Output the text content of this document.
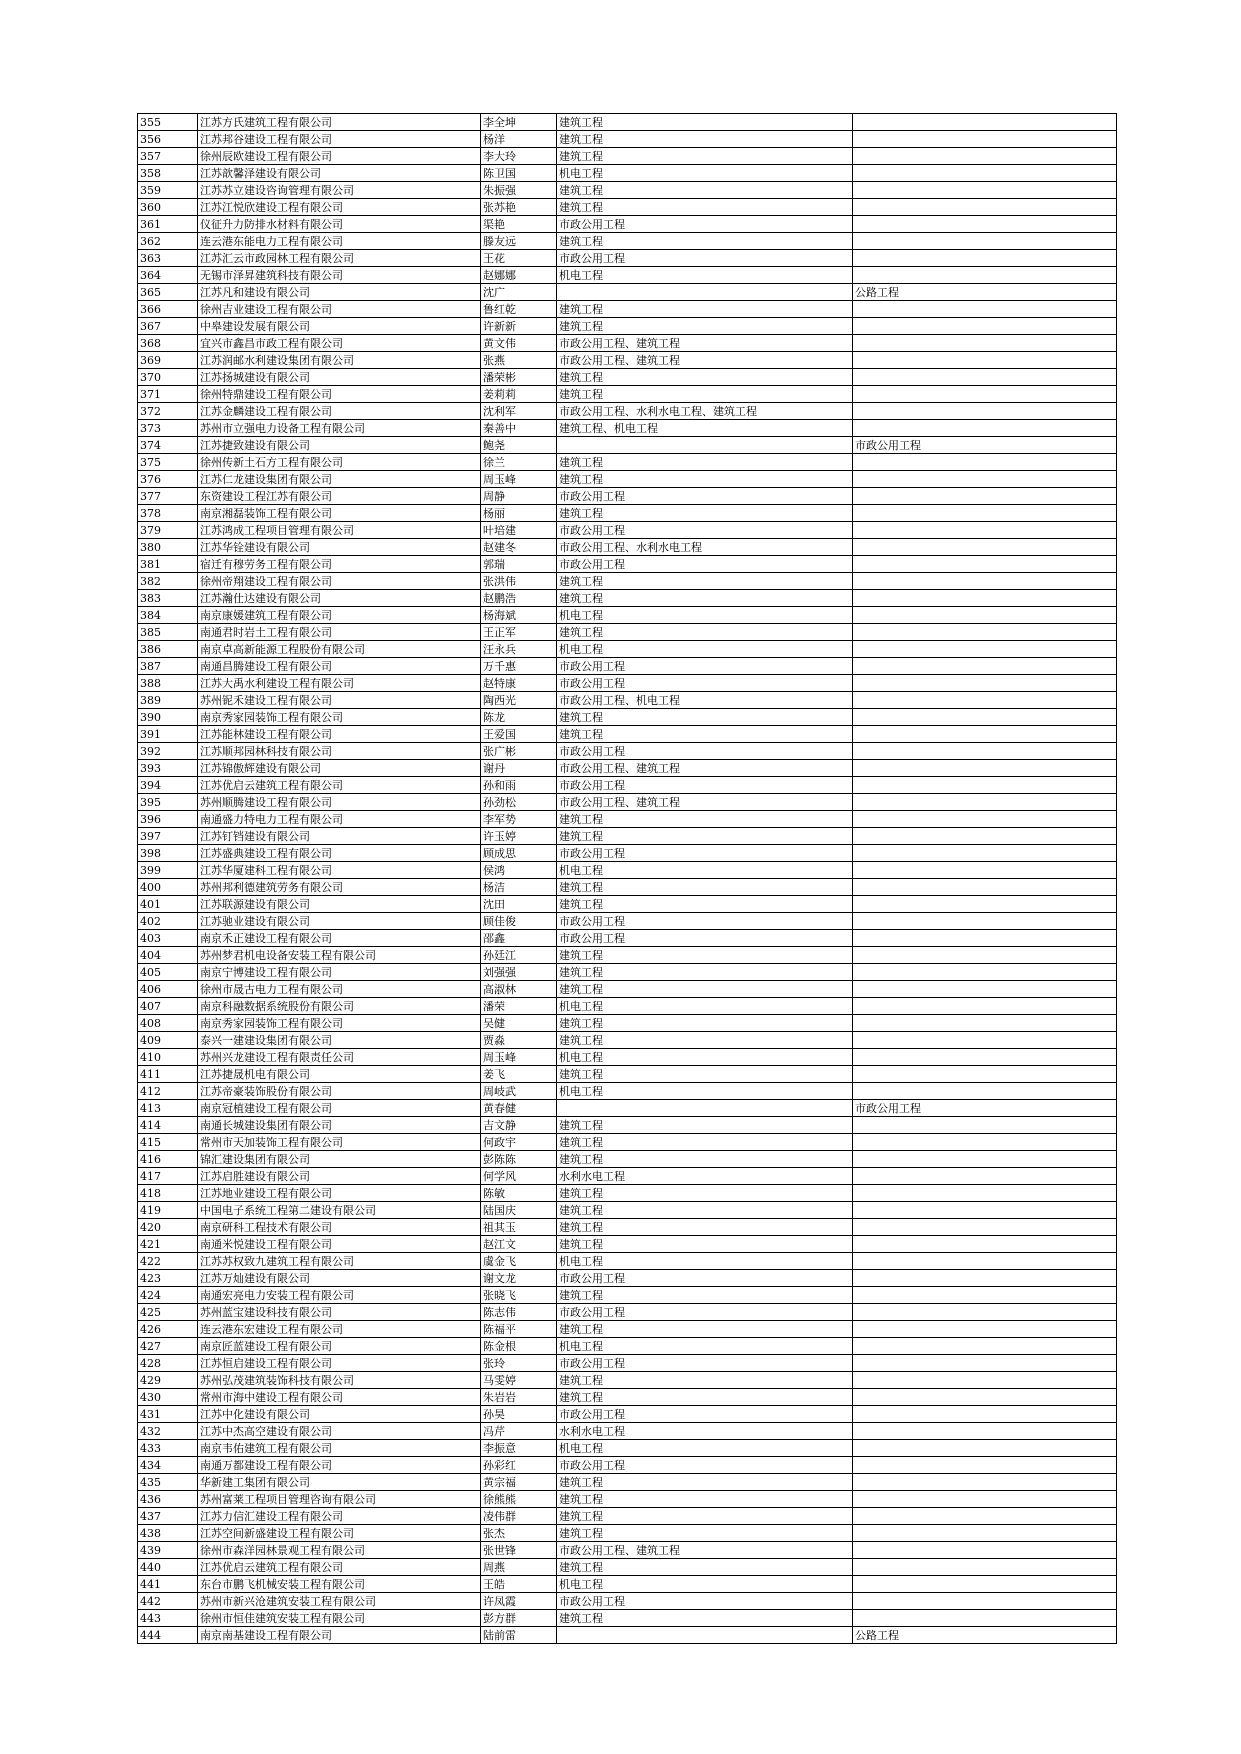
355	江苏方氏建筑工程有限公司	李全坤	建筑工程	
356	江苏邦谷建设工程有限公司	杨洋	建筑工程	
357	徐州辰欧建设工程有限公司	李大玲	建筑工程	
358	江苏歆馨泽建设有限公司	陈卫国	机电工程	
359	江苏苏立建设咨询管理有限公司	朱振强	建筑工程	
360	江苏江悦欣建设工程有限公司	张苏艳	建筑工程	
361	仪征升力防排水材料有限公司	渠艳	市政公用工程	
362	连云港东能电力工程有限公司	滕友远	建筑工程	
363	江苏汇云市政园林工程有限公司	王花	市政公用工程	
364	无锡市泽昇建筑科技有限公司	赵娜娜	机电工程	
365	江苏凡和建设有限公司	沈广		公路工程
366	徐州吉业建设工程有限公司	鲁红乾	建筑工程	
367	中皋建设发展有限公司	许新新	建筑工程	
368	宜兴市鑫昌市政工程有限公司	黄文伟	市政公用工程、建筑工程	
369	江苏润邮水利建设集团有限公司	张燕	市政公用工程、建筑工程	
370	江苏扬城建设有限公司	潘荣彬	建筑工程	
371	徐州特鼎建设工程有限公司	姜莉莉	建筑工程	
372	江苏金麟建设工程有限公司	沈利军	市政公用工程、水利水电工程、建筑工程	
373	苏州市立强电力设备工程有限公司	秦善中	建筑工程、机电工程	
374	江苏捷致建设有限公司	鲍尧		市政公用工程
375	徐州传新土石方工程有限公司	徐兰	建筑工程	
376	江苏仁龙建设集团有限公司	周玉峰	建筑工程	
377	东资建设工程江苏有限公司	周静	市政公用工程	
378	南京湘磊装饰工程有限公司	杨丽	建筑工程	
379	江苏鸿成工程项目管理有限公司	叶培建	市政公用工程	
380	江苏华铨建设有限公司	赵建冬	市政公用工程、水利水电工程	
381	宿迁有穆劳务工程有限公司	郭瑞	市政公用工程	
382	徐州帝翔建设工程有限公司	张洪伟	建筑工程	
383	江苏瀚仕达建设有限公司	赵鹏浩	建筑工程	
384	南京康媛建筑工程有限公司	杨海斌	机电工程	
385	南通君时岩土工程有限公司	王正军	建筑工程	
386	南京卓高新能源工程股份有限公司	汪永兵	机电工程	
387	南通昌腾建设工程有限公司	万千惠	市政公用工程	
388	江苏大禹水利建设工程有限公司	赵特康	市政公用工程	
389	苏州铌禾建设工程有限公司	陶西光	市政公用工程、机电工程	
390	南京秀家园装饰工程有限公司	陈龙	建筑工程	
391	江苏能林建设工程有限公司	王爱国	建筑工程	
392	江苏顺邦园林科技有限公司	张广彬	市政公用工程	
393	江苏锦傲辉建设有限公司	谢丹	市政公用工程、建筑工程	
394	江苏优启云建筑工程有限公司	孙和雨	市政公用工程	
395	苏州顺腾建设工程有限公司	孙劲松	市政公用工程、建筑工程	
396	南通盛力特电力工程有限公司	李军势	建筑工程	
397	江苏钉铛建设有限公司	许玉婷	建筑工程	
398	江苏盛典建设工程有限公司	顾成思	市政公用工程	
399	江苏华厦建科工程有限公司	侯鸿	机电工程	
400	苏州邦利德建筑劳务有限公司	杨洁	建筑工程	
401	江苏联源建设有限公司	沈田	建筑工程	
402	江苏驰业建设有限公司	顾佳俊	市政公用工程	
403	南京禾正建设工程有限公司	邵鑫	市政公用工程	
404	苏州梦君机电设备安装工程有限公司	孙廷江	建筑工程	
405	南京宁博建设工程有限公司	刘强强	建筑工程	
406	徐州市晟古电力工程有限公司	高淑林	建筑工程	
407	南京科融数据系统股份有限公司	潘荣	机电工程	
408	南京秀家园装饰工程有限公司	吴健	建筑工程	
409	泰兴一建建设集团有限公司	贾淼	建筑工程	
410	苏州兴龙建设工程有限责任公司	周玉峰	机电工程	
411	江苏捷晟机电有限公司	姜飞	建筑工程	
412	江苏帝豪装饰股份有限公司	周岐武	机电工程	
413	南京冠植建设工程有限公司	黄春健		市政公用工程
414	南通长城建设集团有限公司	吉文静	建筑工程	
415	常州市天加装饰工程有限公司	何政宇	建筑工程	
416	锦汇建设集团有限公司	彭陈陈	建筑工程	
417	江苏启胜建设有限公司	何学风	水利水电工程	
418	江苏地业建设工程有限公司	陈敏	建筑工程	
419	中国电子系统工程第二建设有限公司	陆国庆	建筑工程	
420	南京研科工程技术有限公司	祖其玉	建筑工程	
421	南通米悦建设工程有限公司	赵江文	建筑工程	
422	江苏苏权致九建筑工程有限公司	虞金飞	机电工程	
423	江苏万灿建设有限公司	谢文龙	市政公用工程	
424	南通宏亮电力安装工程有限公司	张晓飞	建筑工程	
425	苏州蓝宝建设科技有限公司	陈志伟	市政公用工程	
426	连云港东宏建设工程有限公司	陈福平	建筑工程	
427	南京匠蓝建设工程有限公司	陈金根	机电工程	
428	江苏恒启建设工程有限公司	张玲	市政公用工程	
429	苏州弘茂建筑装饰科技有限公司	马雯婷	建筑工程	
430	常州市海中建设工程有限公司	朱岩岩	建筑工程	
431	江苏中化建设有限公司	孙昊	市政公用工程	
432	江苏中杰高空建设有限公司	冯芹	水利水电工程	
433	南京韦佑建筑工程有限公司	李振意	机电工程	
434	南通万都建设工程有限公司	孙彩红	市政公用工程	
435	华新建工集团有限公司	黄宗福	建筑工程	
436	苏州富莱工程项目管理咨询有限公司	徐熊熊	建筑工程	
437	江苏力信汇建设工程有限公司	凌伟群	建筑工程	
438	江苏空间新盛建设工程有限公司	张杰	建筑工程	
439	徐州市森洋园林景观工程有限公司	张世锋	市政公用工程、建筑工程	
440	江苏优启云建筑工程有限公司	周燕	建筑工程	
441	东台市鹏飞机械安装工程有限公司	王皓	机电工程	
442	苏州市新兴沧建筑安装工程有限公司	许凤霞	市政公用工程	
443	徐州市恒佳建筑安装工程有限公司	彭方群	建筑工程	
444	南京南基建设工程有限公司	陆前雷		公路工程
